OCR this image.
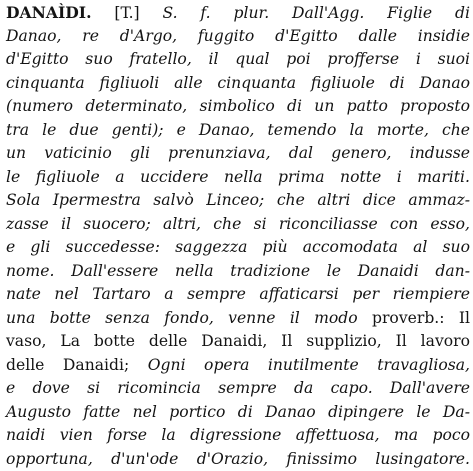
DANAÌDI. [T.] S. f. plur. Dall'Agg. Figlie di
Danao, re d'Argo, fuggito d'Egitto dalle insidie
d'Egitto suo fratello, il qual poi profferse i suoi
cinquanta figliuoli alle cinquanta figliuole di Danao
(numero determinato, simbolico di un patto proposto
tra le due genti); e Danao, temendo la morte, che
un vaticinio gli prenunziava, dal genero, indusse
le figliuole a uccidere nella prima notte i mariti.
Sola Ipermestra salvò Linceo; che altri dice ammaz-
zasse il suocero; altri, che si riconciliasse con esso,
e gli succedesse: saggezza più accomodata al suo
nome. Dall'essere nella tradizione le Danaidi dan-
nate nel Tartaro a sempre affaticarsi per riempiere
una botte senza fondo, venne il modo proverb.: Il
vaso, La botte delle Danaidi, Il supplizio, Il lavoro
delle Danaidi; Ogni opera inutilmente travagliosa,
e dove si ricomincia sempre da capo. Dall'avere
Augusto fatte nel portico di Danao dipingere le Da-
naidi vien forse la digressione affettuosa, ma poco
opportuna, d'un'ode d'Orazio, finissimo lusingatore.
